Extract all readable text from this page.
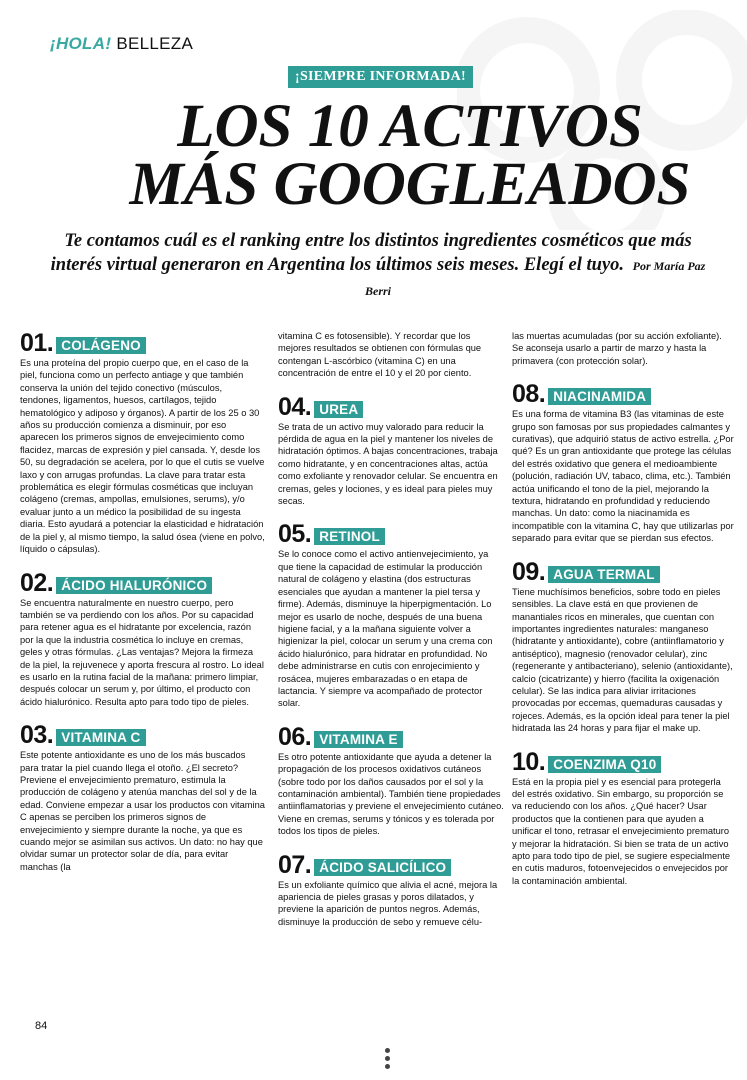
¡HOLA! BELLEZA
¡SIEMPRE INFORMADA!
LOS 10 ACTIVOS
MÁS GOOGLEADOS

Te contamos cuál es el ranking entre los distintos ingredientes cosméticos que más interés virtual generaron en Argentina los últimos seis meses. Elegí el tuyo. Por María Paz Berri

01. COLÁGENO

Es una proteína del propio cuerpo que, en el caso de la piel, funciona como un perfecto antiage y que también conserva la unión del tejido conectivo (músculos, tendones, ligamentos, huesos, cartílagos, tejido hematológico y adiposo y órganos). A partir de los 25 o 30 años su producción comienza a disminuir, por eso aparecen los primeros signos de envejecimiento como flacidez, marcas de expresión y piel cansada. Y, desde los 50, su degradación se acelera, por lo que el cutis se vuelve laxo y con arrugas profundas. La clave para tratar esta problemática es elegir fórmulas cosméticas que incluyan colágeno (cremas, ampollas, emulsiones, serums), y/o evaluar junto a un médico la posibilidad de su ingesta diaria. Esto ayudará a potenciar la elasticidad e hidratación de la piel y, al mismo tiempo, la salud ósea (viene en polvo, líquido o cápsulas).

02. ÁCIDO HIALURÓNICO

Se encuentra naturalmente en nuestro cuerpo, pero también se va perdiendo con los años. Por su capacidad para retener agua es el hidratante por excelencia, razón por la que la industria cosmética lo incluye en cremas, geles y otras fórmulas. ¿Las ventajas? Mejora la firmeza de la piel, la rejuvenece y aporta frescura al rostro. Lo ideal es usarlo en la rutina facial de la mañana: primero limpiar, después colocar un serum y, por último, el producto con ácido hialurónico. Resulta apto para todo tipo de pieles.

03. VITAMINA C

Este potente antioxidante es uno de los más buscados para tratar la piel cuando llega el otoño. ¿El secreto? Previene el envejecimiento prematuro, estimula la producción de colágeno y atenúa manchas del sol y de la edad. Conviene empezar a usar los productos con vitamina C apenas se perciben los primeros signos de envejecimiento y siempre durante la noche, ya que es cuando mejor se asimilan sus activos. Un dato: no hay que olvidar sumar un protector solar de día, para evitar manchas (la

vitamina C es fotosensible). Y recordar que los mejores resultados se obtienen con fórmulas que contengan L-ascórbico (vitamina C) en una concentración de entre el 10 y el 20 por ciento.

04. UREA

Se trata de un activo muy valorado para reducir la pérdida de agua en la piel y mantener los niveles de hidratación óptimos. A bajas concentraciones, trabaja como hidratante, y en concentraciones altas, actúa como exfoliante y renovador celular. Se encuentra en cremas, geles y lociones, y es ideal para pieles muy secas.

05. RETINOL

Se lo conoce como el activo antienvejecimiento, ya que tiene la capacidad de estimular la producción natural de colágeno y elastina (dos estructuras esenciales que ayudan a mantener la piel tersa y firme). Además, disminuye la hiperpigmentación. Lo mejor es usarlo de noche, después de una buena higiene facial, y a la mañana siguiente volver a higienizar la piel, colocar un serum y una crema con ácido hialurónico, para hidratar en profundidad. No debe administrarse en cutis con enrojecimiento y rosácea, mujeres embarazadas o en etapa de lactancia. Y siempre va acompañado de protector solar.

06. VITAMINA E

Es otro potente antioxidante que ayuda a detener la propagación de los procesos oxidativos cutáneos (sobre todo por los daños causados por el sol y la contaminación ambiental). También tiene propiedades antiinflamatorias y previene el envejecimiento cutáneo. Viene en cremas, serums y tónicos y es tolerada por todos los tipos de pieles.

07. ÁCIDO SALICÍLICO

Es un exfoliante químico que alivia el acné, mejora la apariencia de pieles grasas y poros dilatados, y previene la aparición de puntos negros. Además, disminuye la producción de sebo y remueve célu-

las muertas acumuladas (por su acción exfoliante). Se aconseja usarlo a partir de marzo y hasta la primavera (con protección solar).

08. NIACINAMIDA

Es una forma de vitamina B3 (las vitaminas de este grupo son famosas por sus propiedades calmantes y curativas), que adquirió status de activo estrella. ¿Por qué? Es un gran antioxidante que protege las células del estrés oxidativo que genera el medioambiente (polución, radiación UV, tabaco, clima, etc.). También actúa unificando el tono de la piel, mejorando la textura, hidratando en profundidad y reduciendo manchas. Un dato: como la niacinamida es incompatible con la vitamina C, hay que utilizarlas por separado para evitar que se pierdan sus efectos.

09. AGUA TERMAL

Tiene muchísimos beneficios, sobre todo en pieles sensibles. La clave está en que provienen de manantiales ricos en minerales, que cuentan con importantes ingredientes naturales: manganeso (hidratante y antioxidante), cobre (antiinflamatorio y antiséptico), magnesio (renovador celular), zinc (regenerante y antibacteriano), selenio (antioxidante), calcio (cicatrizante) y hierro (facilita la oxigenación celular). Se las indica para aliviar irritaciones provocadas por eccemas, quemaduras causadas y rojeces. Además, es la opción ideal para tener la piel hidratada las 24 horas y para fijar el make up.

10. COENZIMA Q10

Está en la propia piel y es esencial para protegerla del estrés oxidativo. Sin embargo, su proporción se va reduciendo con los años. ¿Qué hacer? Usar productos que la contienen para que ayuden a unificar el tono, retrasar el envejecimiento prematuro y mejorar la hidratación. Si bien se trata de un activo apto para todo tipo de piel, se sugiere especialmente en cutis maduros, fotoenvejecidos o envejecidos por la contaminación ambiental.

84
